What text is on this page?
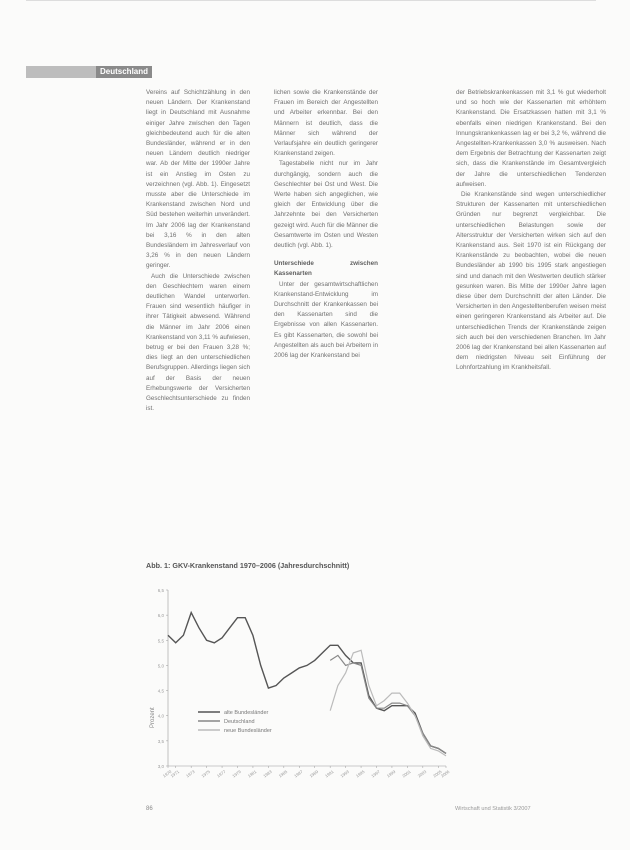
Deutschland

Vereins auf Schichtzählung in den neuen Ländern. Der Krankenstand liegt in Deutschland mit Ausnahme einiger Jahre zwischen den Tagen gleichbedeutend auch für die alten Bundesländer, während er in den neuen Ländern deutlich niedriger war. Ab der Mitte der 1990er Jahre ist ein Anstieg im Osten zu verzeichnen (vgl. Abb. 1). Eingesetzt musste aber die Unterschiede im Krankenstand zwischen Nord und Süd bestehen weiterhin unverändert. Im Jahr 2006 lag der Krankenstand bei 3,16 % in den alten Bundesländern im Jahresverlauf von 3,26 % in den neuen Ländern geringer.

Auch die Unterschiede zwischen den Geschlechtern waren einem deutlichen Wandel unterworfen. Frauen sind wesentlich häufiger in ihrer Tätigkeit abwesend. Während die Männer im Jahr 2006 einen Krankenstand von 3,11 % aufwiesen, betrug er bei den Frauen 3,28 %; dies liegt an den unterschiedlichen Berufsgruppen. Allerdings liegen sich auf der Basis der neuen Erhebungswerte der Versicherten Geschlechtsunterschiede zu finden ist.

lichen sowie die Krankenstände der Frauen im Bereich der Angestellten und Arbeiter erkennbar. Bei den Männern ist deutlich, dass die Männer sich während der Verlaufsjahre ein deutlich geringerer Krankenstand zeigen.

Tagestabelle nicht nur im Jahr durchgängig, sondern auch die Geschlechter bei Ost und West. Die Werte haben sich angeglichen, wie gleich der Entwicklung über die Jahrzehnte bei den Versicherten gezeigt wird. Auch für die Männer die Gesamtwerte im Osten und Westen deutlich (vgl. Abb. 1).

Unterschiede zwischen Kassenarten

Unter der gesamtwirtschaftlichen Krankenstand-Entwicklung im Durchschnitt der Krankenkassen bei den Kassenarten sind die Ergebnisse von allen Kassenarten. Es gibt Kassenarten, die sowohl bei Angestellten als auch bei Arbeitern in 2006 lag der Krankenstand bei

der Betriebskrankenkassen mit 3,1 % gut wiederholt und so hoch wie der Kassenarten mit erhöhtem Krankenstand. Die Ersatzkassen hatten mit 3,1 % ebenfalls einen niedrigen Krankenstand. Bei den Innungskrankenkassen lag er bei 3,2 %, während die Angestellten-Krankenkassen 3,0 % ausweisen. Nach dem Ergebnis der Betrachtung der Kassenarten zeigt sich, dass die Krankenstände im Gesamtvergleich der Jahre die unterschiedlichen Tendenzen aufweisen.

Die Krankenstände sind wegen unterschiedlicher Strukturen der Kassenarten mit unterschiedlichen Gründen nur begrenzt vergleichbar. Die unterschiedlichen Belastungen sowie der Altersstruktur der Versicherten wirken sich auf den Krankenstand aus. Seit 1970 ist ein Rückgang der Krankenstände zu beobachten, wobei die neuen Bundesländer ab 1990 bis 1995 stark angestiegen sind und danach mit den Westwerten deutlich stärker gesunken waren. Bis Mitte der 1990er Jahre lagen diese über dem Durchschnitt der alten Länder. Die Versicherten in den Angestelltenberufen weisen meist einen geringeren Krankenstand als Arbeiter auf. Die unterschiedlichen Trends der Krankenstände zeigen sich auch bei den verschiedenen Branchen. Im Jahr 2006 lag der Krankenstand bei allen Kassenarten auf dem niedrigsten Niveau seit Einführung der Lohnfortzahlung im Krankheitsfall.

Abb. 1: GKV-Krankenstand 1970–2006 (Jahresdurchschnitt)
3,0
3,5
4,0
4,5
5,0
5,5
6,0
6,5
1970
1971 1973 1975 1977 1979 1981 1983 1985 1987 1989 1991 1993 1995 1997 1999 2001 2003 2005
2006
Prozent	alte Bundesländer
Deutschland
neue Bundesländer
86	Wirtschaft und Statistik 3/2007
